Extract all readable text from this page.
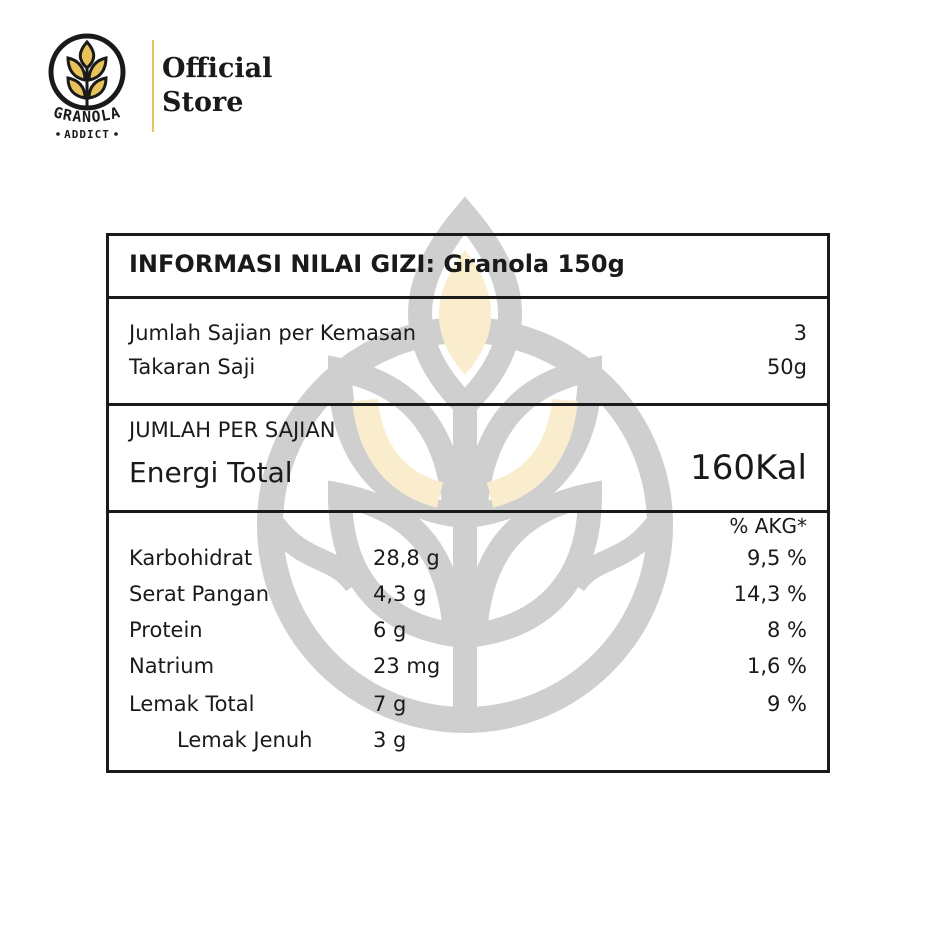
GRANOLA
ADDICT
Official
Store
INFORMASI NILAI GIZI: Granola 150g
Jumlah Sajian per Kemasan	3
Takaran Saji	50g
JUMLAH PER SAJIAN
Energi Total	160Kal
% AKG*
Karbohidrat	28,8 g	9,5 %
Serat Pangan	4,3 g	14,3 %
Protein	6 g	8 %
Natrium	23 mg	1,6 %
Lemak Total	7 g	9 %
Lemak Jenuh	3 g
